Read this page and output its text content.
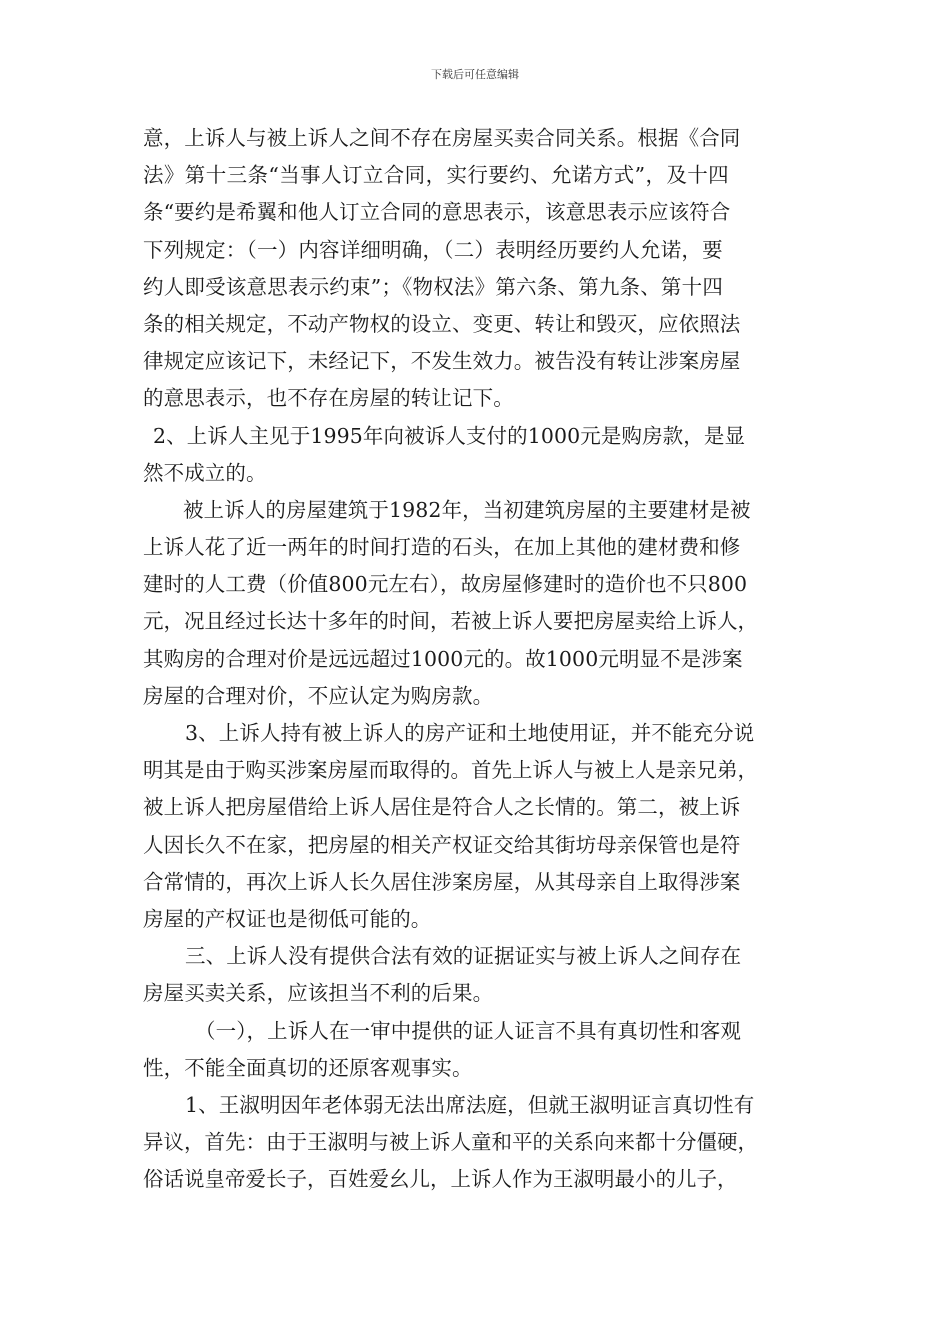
下载后可任意编辑
意，上诉人与被上诉人之间不存在房屋买卖合同关系。根据《合同
法》第十三条“当事人订立合同，实行要约、允诺方式”，及十四
条“要约是希翼和他人订立合同的意思表示，该意思表示应该符合
下列规定：（一）内容详细明确，（二）表明经历要约人允诺，要
约人即受该意思表示约束”；《物权法》第六条、第九条、第十四
条的相关规定，不动产物权的设立、变更、转让和毁灭，应依照法
律规定应该记下，未经记下，不发生效力。被告没有转让涉案房屋
的意思表示，也不存在房屋的转让记下。
2、上诉人主见于1995年向被诉人支付的1000元是购房款，是显
然不成立的。
被上诉人的房屋建筑于1982年，当初建筑房屋的主要建材是被
上诉人花了近一两年的时间打造的石头，在加上其他的建材费和修
建时的人工费（价值800元左右），故房屋修建时的造价也不只800
元，况且经过长达十多年的时间，若被上诉人要把房屋卖给上诉人，
其购房的合理对价是远远超过1000元的。故1000元明显不是涉案
房屋的合理对价，不应认定为购房款。
3、上诉人持有被上诉人的房产证和土地使用证，并不能充分说
明其是由于购买涉案房屋而取得的。首先上诉人与被上人是亲兄弟，
被上诉人把房屋借给上诉人居住是符合人之长情的。第二，被上诉
人因长久不在家，把房屋的相关产权证交给其街坊母亲保管也是符
合常情的，再次上诉人长久居住涉案房屋，从其母亲自上取得涉案
房屋的产权证也是彻低可能的。
三、上诉人没有提供合法有效的证据证实与被上诉人之间存在
房屋买卖关系，应该担当不利的后果。
（一），上诉人在一审中提供的证人证言不具有真切性和客观
性，不能全面真切的还原客观事实。
1、王淑明因年老体弱无法出席法庭，但就王淑明证言真切性有
异议，首先：由于王淑明与被上诉人童和平的关系向来都十分僵硬，
俗话说皇帝爱长子，百姓爱幺儿，上诉人作为王淑明最小的儿子，
